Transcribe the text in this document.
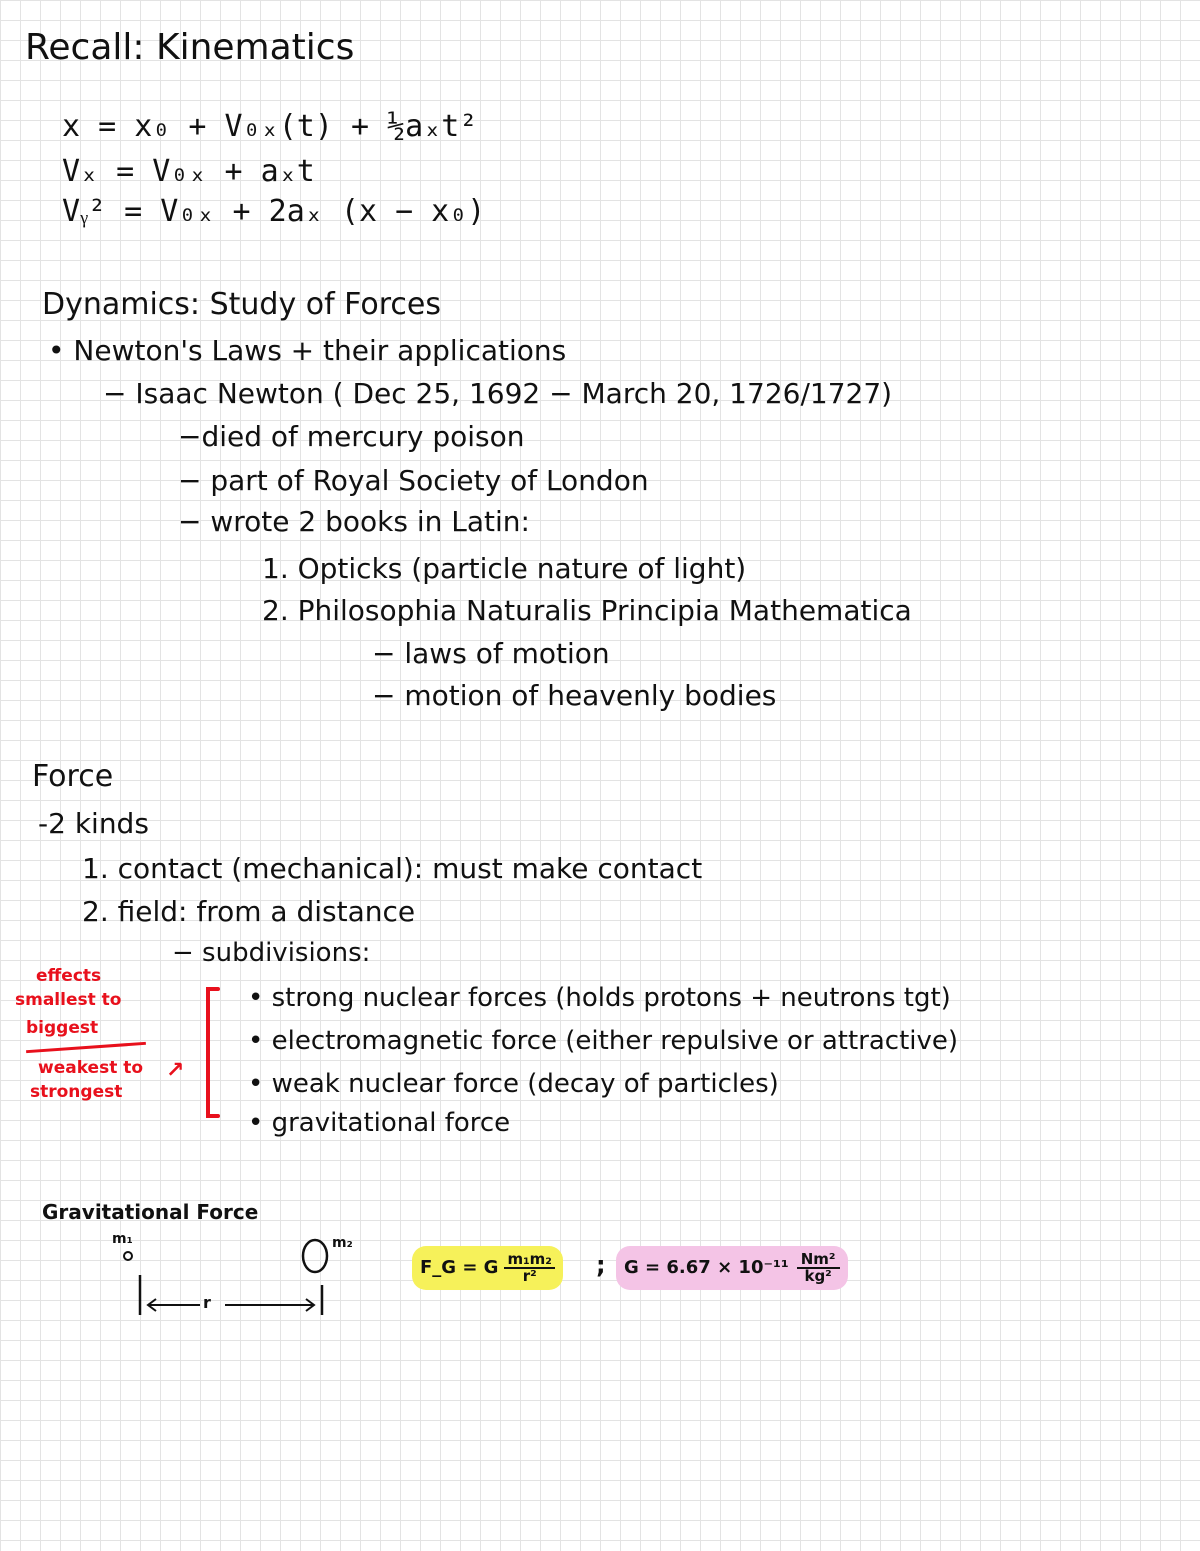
Recall: Kinematics
x = x₀ + V₀ₓ(t) + ½aₓt²
Vₓ = V₀ₓ + aₓt
Vᵧ² = V₀ₓ + 2aₓ (x − x₀)
Dynamics: Study of Forces
• Newton's Laws + their applications
− Isaac Newton ( Dec 25, 1692 − March 20, 1726/1727)
−died of mercury poison
− part of Royal Society of London
− wrote 2 books in Latin:
1. Opticks (particle nature of light)
2. Philosophia Naturalis Principia Mathematica
− laws of motion
− motion of heavenly bodies
Force
-2 kinds
1. contact (mechanical): must make contact
2. field: from a distance
− subdivisions:
• strong nuclear forces (holds protons + neutrons tgt)
• electromagnetic force (either repulsive or attractive)
• weak nuclear force (decay of particles)
• gravitational force
effects
smallest to
biggest
weakest to
strongest
↗
Gravitational Force
m₁	m₂
r
F_G = G $\frac{\text{m₁m₂}}{\text{r²}}$ ; $G = 6.67 \times 10^{-11} \frac{\text{Nm²}}{\text{kg²}}$
